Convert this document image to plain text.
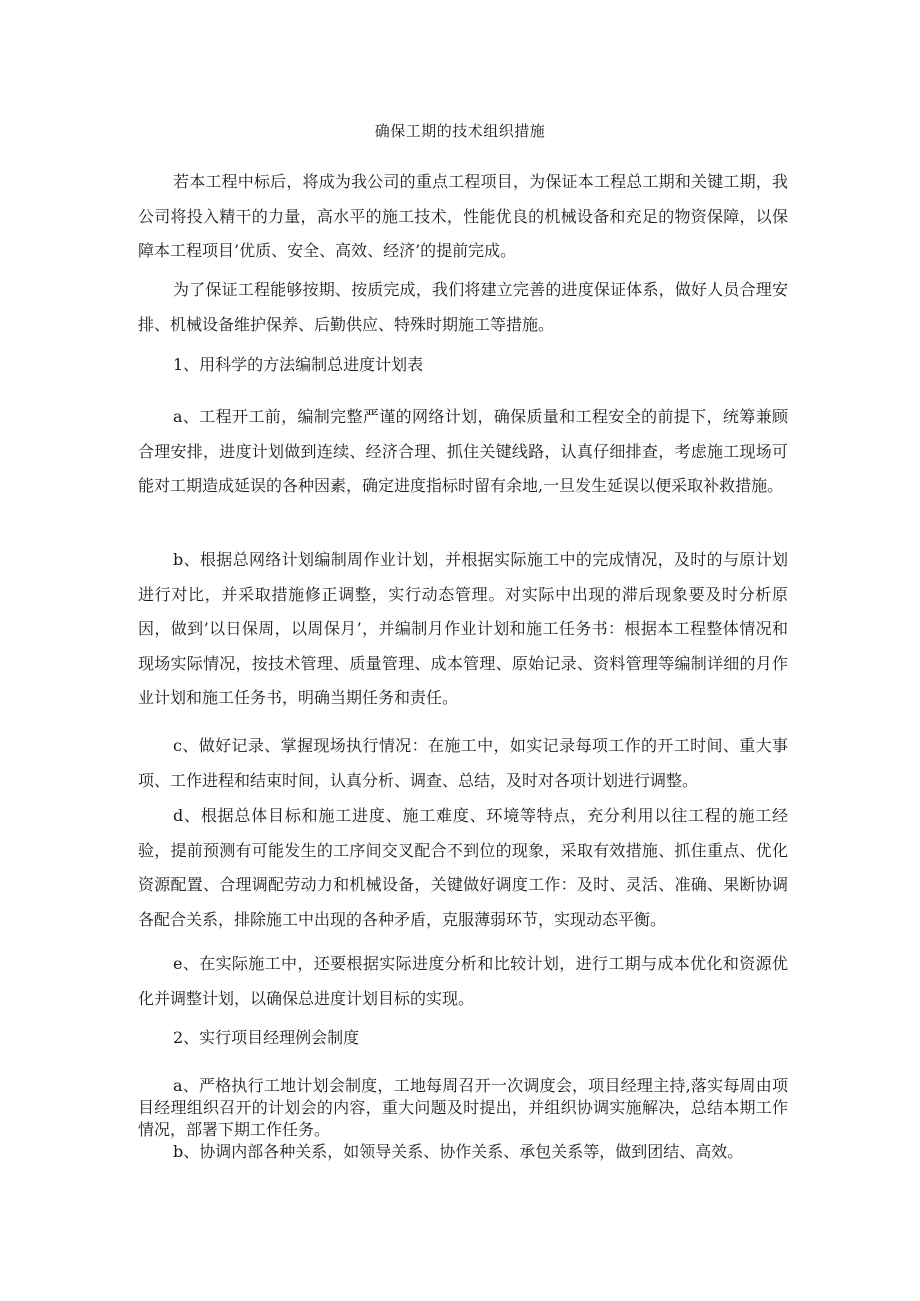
确保工期的技术组织措施

若本工程中标后，将成为我公司的重点工程项目，为保证本工程总工期和关键工期，我公司将投入精干的力量，高水平的施工技术，性能优良的机械设备和充足的物资保障，以保障本工程项目’优质、安全、高效、经济’的提前完成。

为了保证工程能够按期、按质完成，我们将建立完善的进度保证体系，做好人员合理安排、机械设备维护保养、后勤供应、特殊时期施工等措施。

1、用科学的方法编制总进度计划表

a、工程开工前，编制完整严谨的网络计划，确保质量和工程安全的前提下，统筹兼顾合理安排，进度计划做到连续、经济合理、抓住关键线路，认真仔细排查，考虑施工现场可能对工期造成延误的各种因素，确定进度指标时留有余地,一旦发生延误以便采取补救措施。

b、根据总网络计划编制周作业计划，并根据实际施工中的完成情况，及时的与原计划进行对比，并采取措施修正调整，实行动态管理。对实际中出现的滞后现象要及时分析原因，做到’以日保周，以周保月’，并编制月作业计划和施工任务书：根据本工程整体情况和现场实际情况，按技术管理、质量管理、成本管理、原始记录、资料管理等编制详细的月作业计划和施工任务书，明确当期任务和责任。

c、做好记录、掌握现场执行情况：在施工中，如实记录每项工作的开工时间、重大事项、工作进程和结束时间，认真分析、调查、总结，及时对各项计划进行调整。

d、根据总体目标和施工进度、施工难度、环境等特点，充分利用以往工程的施工经验，提前预测有可能发生的工序间交叉配合不到位的现象，采取有效措施、抓住重点、优化资源配置、合理调配劳动力和机械设备，关键做好调度工作：及时、灵活、准确、果断协调各配合关系，排除施工中出现的各种矛盾，克服薄弱环节，实现动态平衡。

e、在实际施工中，还要根据实际进度分析和比较计划，进行工期与成本优化和资源优化并调整计划，以确保总进度计划目标的实现。

2、实行项目经理例会制度

a、严格执行工地计划会制度，工地每周召开一次调度会，项目经理主持,落实每周由项目经理组织召开的计划会的内容，重大问题及时提出，并组织协调实施解决，总结本期工作情况，部署下期工作任务。

b、协调内部各种关系，如领导关系、协作关系、承包关系等，做到团结、高效。
